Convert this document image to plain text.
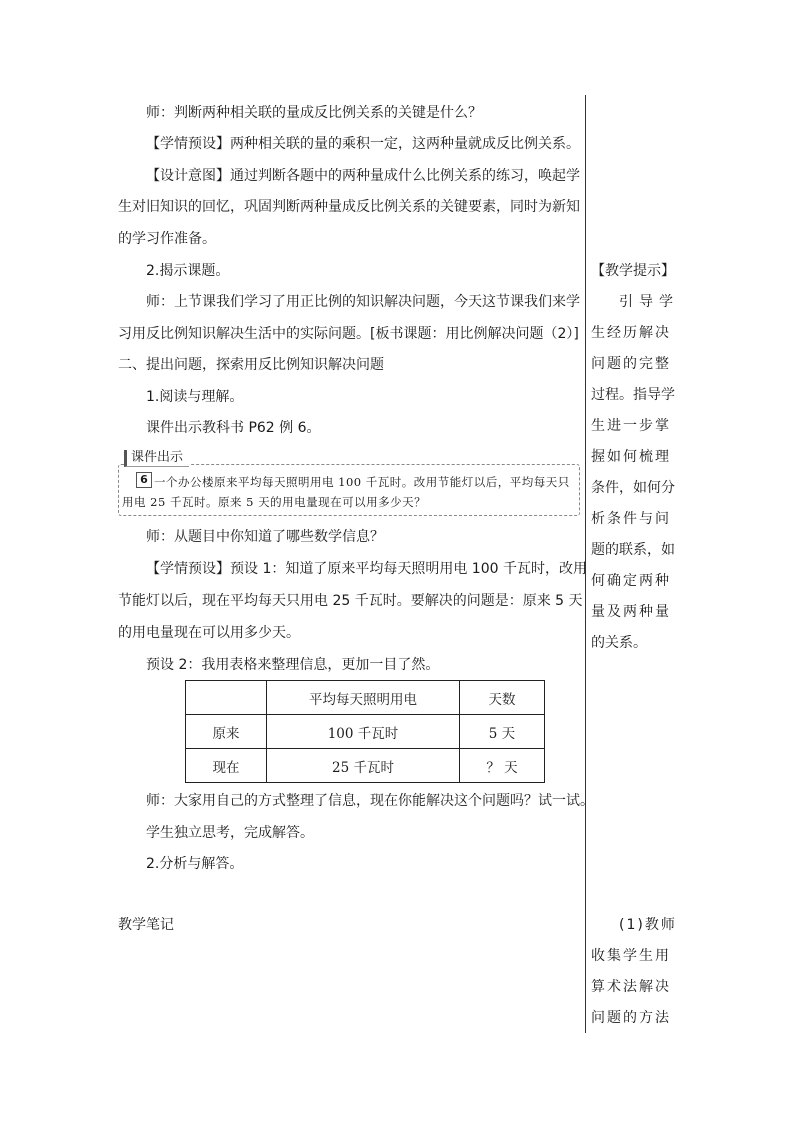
师：判断两种相关联的量成反比例关系的关键是什么？
【学情预设】两种相关联的量的乘积一定，这两种量就成反比例关系。
【设计意图】通过判断各题中的两种量成什么比例关系的练习，唤起学
生对旧知识的回忆，巩固判断两种量成反比例关系的关键要素，同时为新知
的学习作准备。
2.揭示课题。
师：上节课我们学习了用正比例的知识解决问题，今天这节课我们来学
习用反比例知识解决生活中的实际问题。[板书课题：用比例解决问题（2）]
二、提出问题，探索用反比例知识解决问题
1.阅读与理解。
课件出示教科书 P62 例 6。
师：从题目中你知道了哪些数学信息？
【学情预设】预设 1：知道了原来平均每天照明用电 100 千瓦时，改用
节能灯以后，现在平均每天只用电 25 千瓦时。要解决的问题是：原来 5 天
的用电量现在可以用多少天。
预设 2：我用表格来整理信息，更加一目了然。
师：大家用自己的方式整理了信息，现在你能解决这个问题吗？试一试。
学生独立思考，完成解答。
2.分析与解答。
教学笔记
课件出示
6 一个办公楼原来平均每天照明用电 100 千瓦时。改用节能灯以后，平均每天只用电 25 千瓦时。原来 5 天的用电量现在可以用多少天？
	平均每天照明用电	天数
原来	100 千瓦时	5 天
现在	25 千瓦时	？ 天
【教学提示】
引导学
生经历解决
问题的完整
过程。指导学
生进一步掌
握如何梳理
条件，如何分
析条件与问
题的联系，如
何确定两种
量及两种量
的关系。
(1)教师
收集学生用
算术法解决
问题的方法
